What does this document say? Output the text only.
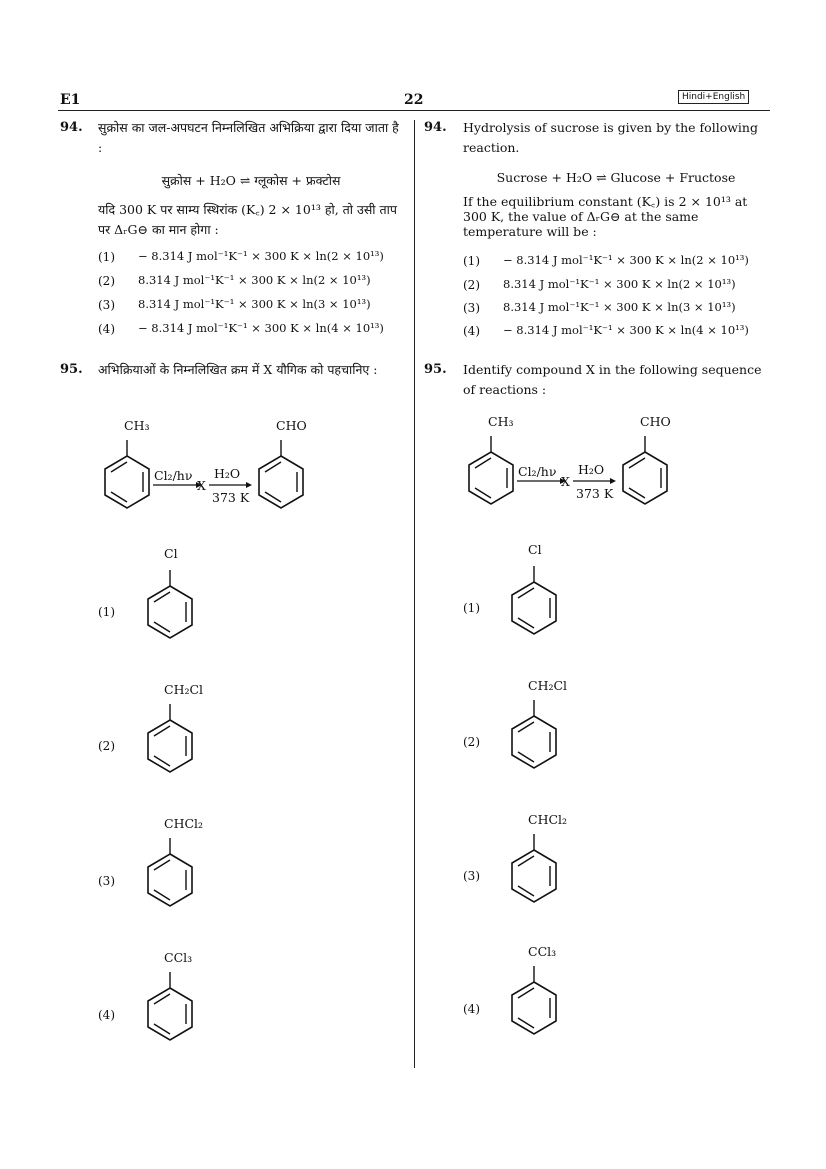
E1	22	Hindi+English
94. सुक्रोस का जल-अपघटन निम्नलिखित अभिक्रिया द्वारा दिया जाता है :
सुक्रोस + H₂O ⇌ ग्लूकोस + फ्रक्टोस
यदि 300 K पर साम्य स्थिरांक (K꜀) 2 × 10¹³ हो, तो उसी ताप पर ΔᵣG⊖ का मान होगा :
(1) − 8.314 J mol⁻¹K⁻¹ × 300 K × ln(2 × 10¹³)
(2) 8.314 J mol⁻¹K⁻¹ × 300 K × ln(2 × 10¹³)
(3) 8.314 J mol⁻¹K⁻¹ × 300 K × ln(3 × 10¹³)
(4) − 8.314 J mol⁻¹K⁻¹ × 300 K × ln(4 × 10¹³)
95. अभिक्रियाओं के निम्नलिखित क्रम में X यौगिक को पहचानिए :
CH₃
Cl₂/hν
X
H₂O
373 K
CHO
(1)
Cl
(2)
CH₂Cl
(3)
CHCl₂
(4)
CCl₃
94. Hydrolysis of sucrose is given by the following reaction.
Sucrose + H₂O ⇌ Glucose + Fructose
If the equilibrium constant (K꜀) is 2 × 10¹³ at 300 K, the value of ΔᵣG⊖ at the same temperature will be :
(1) − 8.314 J mol⁻¹K⁻¹ × 300 K × ln(2 × 10¹³)
(2) 8.314 J mol⁻¹K⁻¹ × 300 K × ln(2 × 10¹³)
(3) 8.314 J mol⁻¹K⁻¹ × 300 K × ln(3 × 10¹³)
(4) − 8.314 J mol⁻¹K⁻¹ × 300 K × ln(4 × 10¹³)
95. Identify compound X in the following sequence of reactions :
CH₃
Cl₂/hν
X
H₂O
373 K
CHO
(1)
Cl
(2)
CH₂Cl
(3)
CHCl₂
(4)
CCl₃
